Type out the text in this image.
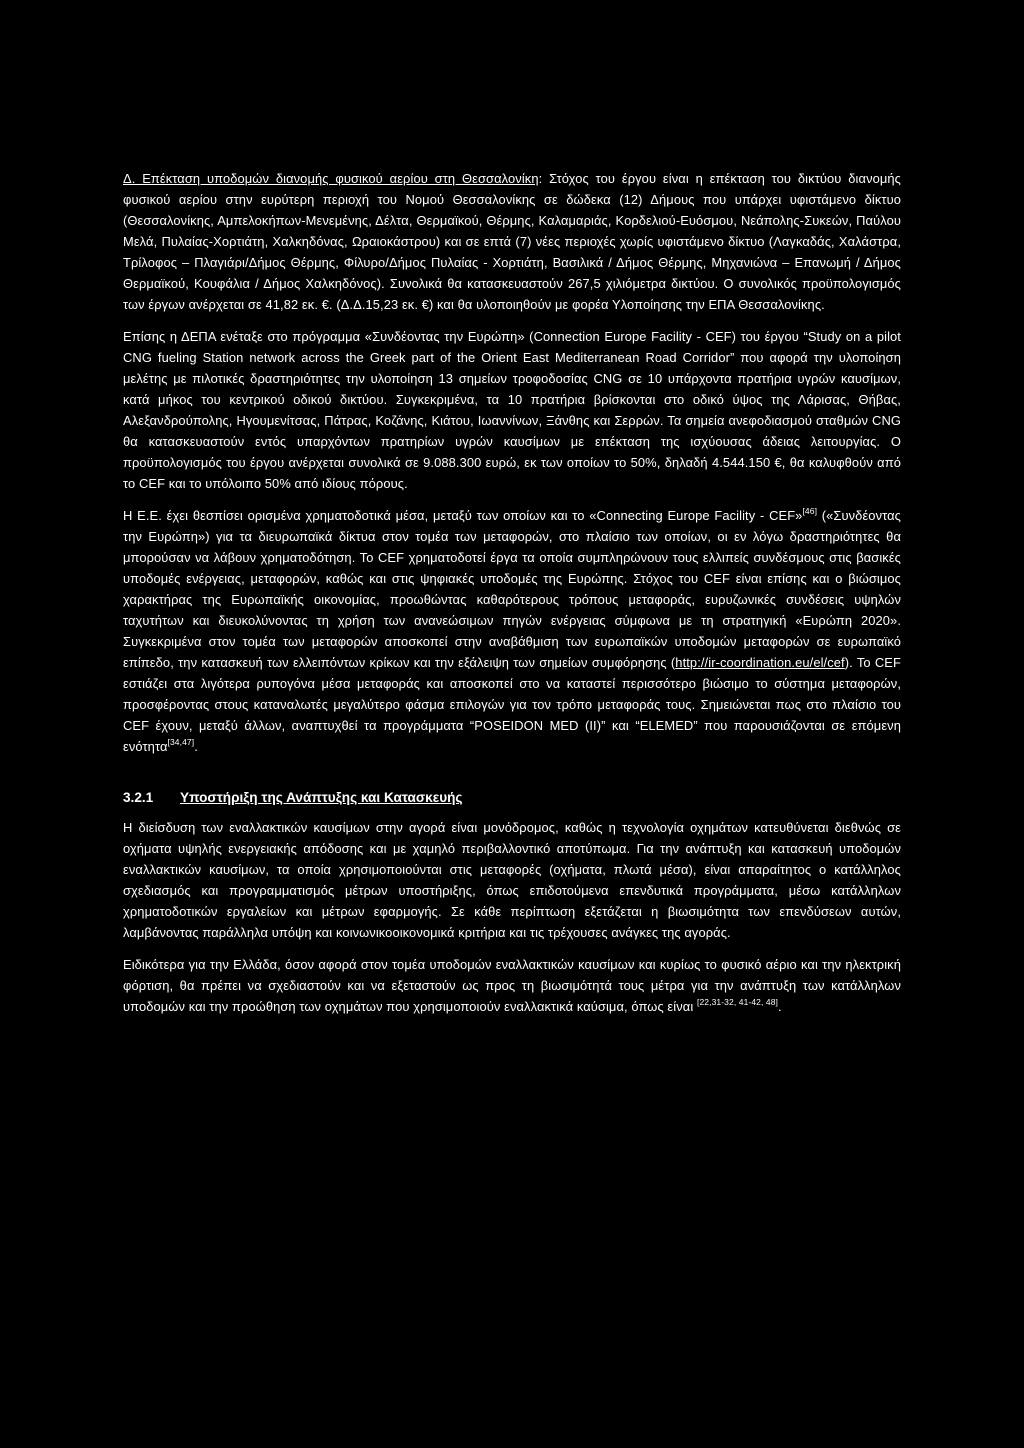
Δ. Επέκταση υποδομών διανομής φυσικού αερίου στη Θεσσαλονίκη: Στόχος του έργου είναι η επέκταση του δικτύου διανομής φυσικού αερίου στην ευρύτερη περιοχή του Νομού Θεσσαλονίκης σε δώδεκα (12) Δήμους που υπάρχει υφιστάμενο δίκτυο (Θεσσαλονίκης, Αμπελοκήπων-Μενεμένης, Δέλτα, Θερμαϊκού, Θέρμης, Καλαμαριάς, Κορδελιού-Ευόσμου, Νεάπολης-Συκεών, Παύλου Μελά, Πυλαίας-Χορτιάτη, Χαλκηδόνας, Ωραιοκάστρου) και σε επτά (7) νέες περιοχές χωρίς υφιστάμενο δίκτυο (Λαγκαδάς, Χαλάστρα, Τρίλοφος – Πλαγιάρι/Δήμος Θέρμης, Φίλυρο/Δήμος Πυλαίας - Χορτιάτη, Βασιλικά / Δήμος Θέρμης, Μηχανιώνα – Επανωμή / Δήμος Θερμαϊκού, Κουφάλια / Δήμος Χαλκηδόνος). Συνολικά θα κατασκευαστούν 267,5 χιλιόμετρα δικτύου. Ο συνολικός προϋπολογισμός των έργων ανέρχεται σε 41,82 εκ. €. (Δ.Δ.15,23 εκ. €) και θα υλοποιηθούν με φορέα Υλοποίησης την ΕΠΑ Θεσσαλονίκης.

Επίσης η ΔΕΠΑ ενέταξε στο πρόγραμμα «Συνδέοντας την Ευρώπη» (Connection Europe Facility - CEF) του έργου “Study on a pilot CNG fueling Station network across the Greek part of the Orient East Mediterranean Road Corridor” που αφορά την υλοποίηση μελέτης με πιλοτικές δραστηριότητες την υλοποίηση 13 σημείων τροφοδοσίας CNG σε 10 υπάρχοντα πρατήρια υγρών καυσίμων, κατά μήκος του κεντρικού οδικού δικτύου. Συγκεκριμένα, τα 10 πρατήρια βρίσκονται στο οδικό ύψος της Λάρισας, Θήβας, Αλεξανδρούπολης, Ηγουμενίτσας, Πάτρας, Κοζάνης, Κιάτου, Ιωαννίνων, Ξάνθης και Σερρών. Τα σημεία ανεφοδιασμού σταθμών CNG θα κατασκευαστούν εντός υπαρχόντων πρατηρίων υγρών καυσίμων με επέκταση της ισχύουσας άδειας λειτουργίας. Ο προϋπολογισμός του έργου ανέρχεται συνολικά σε 9.088.300 ευρώ, εκ των οποίων το 50%, δηλαδή 4.544.150 €, θα καλυφθούν από το CEF και το υπόλοιπο 50% από ιδίους πόρους.

Η Ε.Ε. έχει θεσπίσει ορισμένα χρηματοδοτικά μέσα, μεταξύ των οποίων και το «Connecting Europe Facility - CEF»[46] («Συνδέοντας την Ευρώπη») για τα διευρωπαϊκά δίκτυα στον τομέα των μεταφορών, στο πλαίσιο των οποίων, οι εν λόγω δραστηριότητες θα μπορούσαν να λάβουν χρηματοδότηση. Το CEF χρηματοδοτεί έργα τα οποία συμπληρώνουν τους ελλιπείς συνδέσμους στις βασικές υποδομές ενέργειας, μεταφορών, καθώς και στις ψηφιακές υποδομές της Ευρώπης. Στόχος του CEF είναι επίσης και ο βιώσιμος χαρακτήρας της Ευρωπαϊκής οικονομίας, προωθώντας καθαρότερους τρόπους μεταφοράς, ευρυζωνικές συνδέσεις υψηλών ταχυτήτων και διευκολύνοντας τη χρήση των ανανεώσιμων πηγών ενέργειας σύμφωνα με τη στρατηγική «Ευρώπη 2020». Συγκεκριμένα στον τομέα των μεταφορών αποσκοπεί στην αναβάθμιση των ευρωπαϊκών υποδομών μεταφορών σε ευρωπαϊκό επίπεδο, την κατασκευή των ελλειπόντων κρίκων και την εξάλειψη των σημείων συμφόρησης (http://ir-coordination.eu/el/cef). Το CEF εστιάζει στα λιγότερα ρυπογόνα μέσα μεταφοράς και αποσκοπεί στο να καταστεί περισσότερο βιώσιμο το σύστημα μεταφορών, προσφέροντας στους καταναλωτές μεγαλύτερο φάσμα επιλογών για τον τρόπο μεταφοράς τους. Σημειώνεται πως στο πλαίσιο του CEF έχουν, μεταξύ άλλων, αναπτυχθεί τα προγράμματα “POSEIDON MED (II)” και “ELEMED” που παρουσιάζονται σε επόμενη ενότητα[34,47].

3.2.1 Υποστήριξη της Ανάπτυξης και Κατασκευής

Η διείσδυση των εναλλακτικών καυσίμων στην αγορά είναι μονόδρομος, καθώς η τεχνολογία οχημάτων κατευθύνεται διεθνώς σε οχήματα υψηλής ενεργειακής απόδοσης και με χαμηλό περιβαλλοντικό αποτύπωμα. Για την ανάπτυξη και κατασκευή υποδομών εναλλακτικών καυσίμων, τα οποία χρησιμοποιούνται στις μεταφορές (οχήματα, πλωτά μέσα), είναι απαραίτητος ο κατάλληλος σχεδιασμός και προγραμματισμός μέτρων υποστήριξης, όπως επιδοτούμενα επενδυτικά προγράμματα, μέσω κατάλληλων χρηματοδοτικών εργαλείων και μέτρων εφαρμογής. Σε κάθε περίπτωση εξετάζεται η βιωσιμότητα των επενδύσεων αυτών, λαμβάνοντας παράλληλα υπόψη και κοινωνικοοικονομικά κριτήρια και τις τρέχουσες ανάγκες της αγοράς.

Ειδικότερα για την Ελλάδα, όσον αφορά στον τομέα υποδομών εναλλακτικών καυσίμων και κυρίως το φυσικό αέριο και την ηλεκτρική φόρτιση, θα πρέπει να σχεδιαστούν και να εξεταστούν ως προς τη βιωσιμότητά τους μέτρα για την ανάπτυξη των κατάλληλων υποδομών και την προώθηση των οχημάτων που χρησιμοποιούν εναλλακτικά καύσιμα, όπως είναι [22,31-32, 41-42, 48].
